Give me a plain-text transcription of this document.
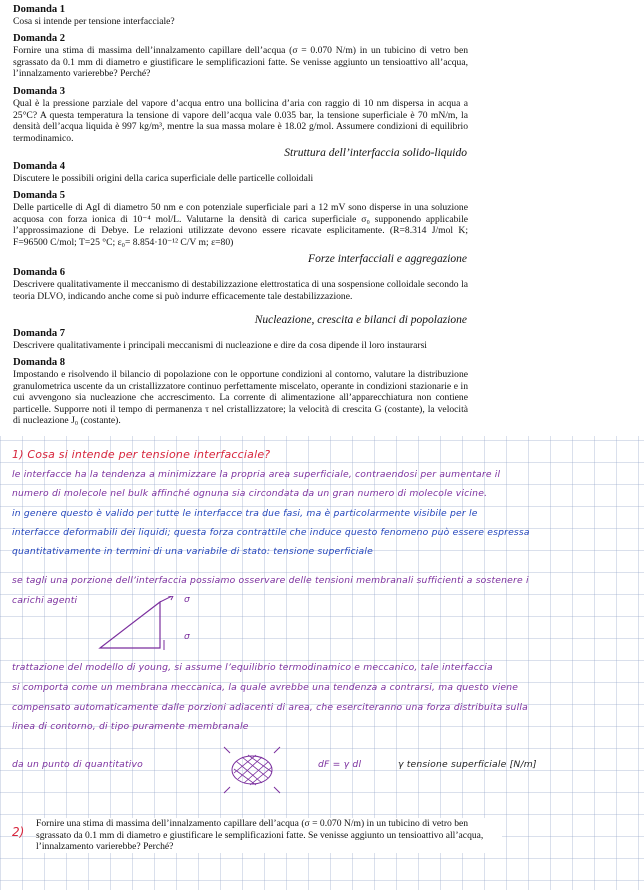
Domanda 1

Cosa si intende per tensione interfacciale?

Domanda 2

Fornire una stima di massima dell’innalzamento capillare dell’acqua (σ = 0.070 N/m) in un tubicino di vetro ben sgrassato da 0.1 mm di diametro e giustificare le semplificazioni fatte. Se venisse aggiunto un tensioattivo all’acqua, l’innalzamento varierebbe? Perché?

Domanda 3

Qual è la pressione parziale del vapore d’acqua entro una bollicina d’aria con raggio di 10 nm dispersa in acqua a 25°C? A questa temperatura la tensione di vapore dell’acqua vale 0.035 bar, la tensione superficiale è 70 mN/m, la densità dell’acqua liquida è 997 kg/m³, mentre la sua massa molare è 18.02 g/mol. Assumere condizioni di equilibrio termodinamico.

Struttura dell’interfaccia solido-liquido
Domanda 4

Discutere le possibili origini della carica superficiale delle particelle colloidali

Domanda 5

Delle particelle di AgI di diametro 50 nm e con potenziale superficiale pari a 12 mV sono disperse in una soluzione acquosa con forza ionica di 10⁻⁴ mol/L. Valutarne la densità di carica superficiale σ₀ supponendo applicabile l’approssimazione di Debye. Le relazioni utilizzate devono essere ricavate esplicitamente. (R=8.314 J/mol K; F=96500 C/mol; T=25 °C; ε₀= 8.854·10⁻¹² C/V m; ε=80)

Forze interfacciali e aggregazione
Domanda 6

Descrivere qualitativamente il meccanismo di destabilizzazione elettrostatica di una sospensione colloidale secondo la teoria DLVO, indicando anche come si può indurre efficacemente tale destabilizzazione.

Nucleazione, crescita e bilanci di popolazione
Domanda 7

Descrivere qualitativamente i principali meccanismi di nucleazione e dire da cosa dipende il loro instaurarsi

Domanda 8

Impostando e risolvendo il bilancio di popolazione con le opportune condizioni al contorno, valutare la distribuzione granulometrica uscente da un cristallizzatore continuo perfettamente miscelato, operante in condizioni stazionarie e in cui avvengono sia nucleazione che accrescimento. La corrente di alimentazione all’apparecchiatura non contiene particelle. Supporre noti il tempo di permanenza τ nel cristallizzatore; la velocità di crescita G (costante), la velocità di nucleazione J₀ (costante).

1) Cosa si intende per tensione interfacciale?
le interfacce ha la tendenza a minimizzare la propria area superficiale, contraendosi per aumentare il
numero di molecole nel bulk affinché ognuna sia circondata da un gran numero di molecole vicine.
in genere questo è valido per tutte le interfacce tra due fasi, ma è particolarmente visibile per le
interfacce deformabili dei liquidi; questa forza contrattile che induce questo fenomeno può essere espressa
quantitativamente in termini di una variabile di stato: tensione superficiale
se tagli una porzione dell’interfaccia possiamo osservare delle tensioni membranali sufficienti a sostenere i
carichi agenti	σ
σ
trattazione del modello di young, si assume l’equilibrio termodinamico e meccanico, tale interfaccia
si comporta come un membrana meccanica, la quale avrebbe una tendenza a contrarsi, ma questo viene
compensato automaticamente dalle porzioni adiacenti di area, che eserciteranno una forza distribuita sulla
linea di contorno, di tipo puramente membranale
da un punto di quantitativo	dF = γ dl	γ tensione superficiale [N/m]
2)
Fornire una stima di massima dell’innalzamento capillare dell’acqua (σ = 0.070 N/m) in un tubicino di vetro ben sgrassato da 0.1 mm di diametro e giustificare le semplificazioni fatte. Se venisse aggiunto un tensioattivo all’acqua, l’innalzamento varierebbe? Perché?
